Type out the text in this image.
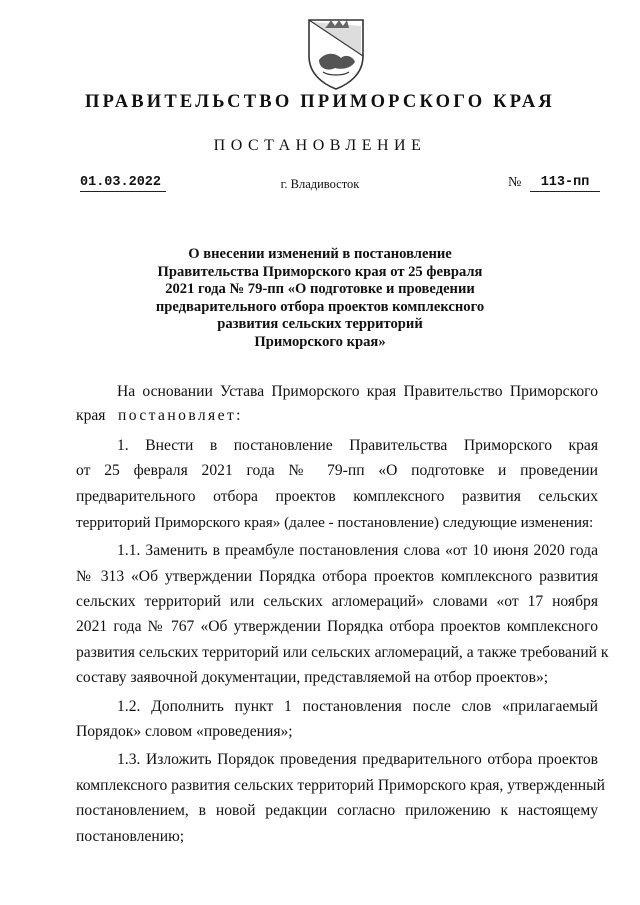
ПРАВИТЕЛЬСТВО ПРИМОРСКОГО КРАЯ
ПОСТАНОВЛЕНИЕ
01.03.2022	г. Владивосток	№	113-пп
О внесении изменений в постановление
Правительства Приморского края от 25 февраля
2021 года № 79-пп «О подготовке и проведении
предварительного отбора проектов комплексного
развития сельских территорий
Приморского края»
На основании Устава Приморского края Правительство Приморского
края постановляет:
1. Внести в постановление Правительства Приморского края
от 25 февраля 2021 года № 79-пп «О подготовке и проведении
предварительного отбора проектов комплексного развития сельских
территорий Приморского края» (далее - постановление) следующие изменения:
1.1. Заменить в преамбуле постановления слова «от 10 июня 2020 года
№ 313 «Об утверждении Порядка отбора проектов комплексного развития
сельских территорий или сельских агломераций» словами «от 17 ноября
2021 года № 767 «Об утверждении Порядка отбора проектов комплексного
развития сельских территорий или сельских агломераций, а также требований к
составу заявочной документации, представляемой на отбор проектов»;
1.2. Дополнить пункт 1 постановления после слов «прилагаемый
Порядок» словом «проведения»;
1.3. Изложить Порядок проведения предварительного отбора проектов
комплексного развития сельских территорий Приморского края, утвержденный
постановлением, в новой редакции согласно приложению к настоящему
постановлению;
